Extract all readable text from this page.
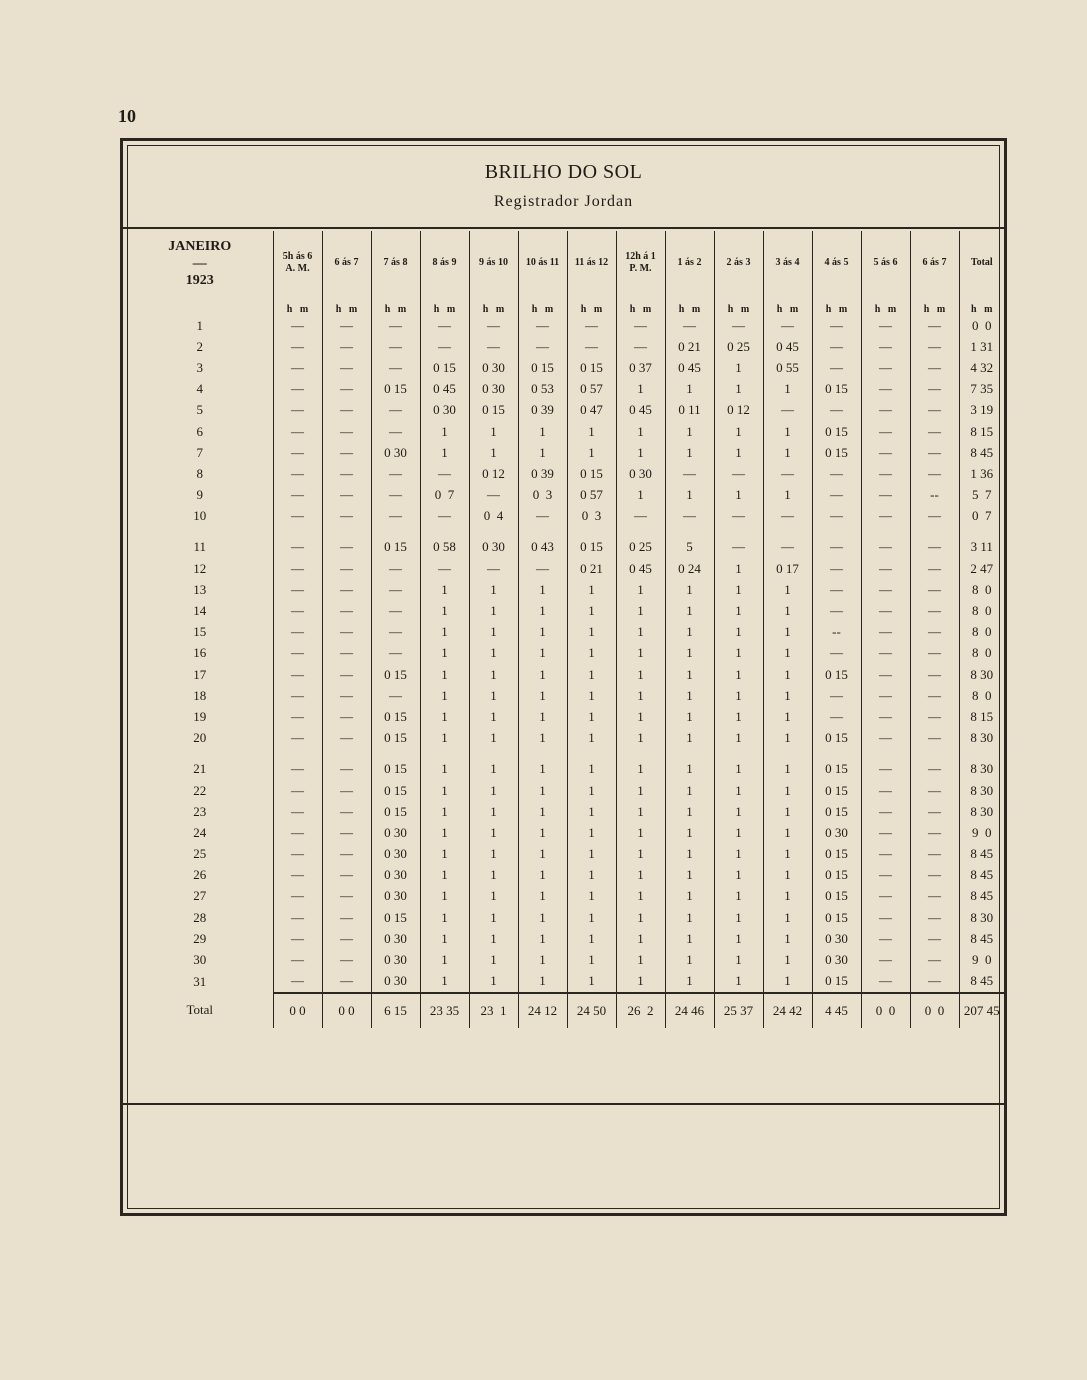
10
BRILHO DO SOL
Registrador Jordan
JANEIRO
—
1923	5h ás 6
A. M.	6 ás 7	7 ás 8	8 ás 9	9 ás 10	10 ás 11	11 ás 12	12h á 1
P. M.	1 ás 2	2 ás 3	3 ás 4	4 ás 5	5 ás 6	6 ás 7	Total
	h   m	h   m	h   m	h   m	h   m	h   m	h   m	h   m	h   m	h   m	h   m	h   m	h   m	h   m	h   m
1	—	—	—	—	—	—	—	—	—	—	—	—	—	—	0  0
2	—	—	—	—	—	—	—	—	0 21	0 25	0 45	—	—	—	1 31
3	—	—	—	0 15	0 30	0 15	0 15	0 37	0 45	1	0 55	—	—	—	4 32
4	—	—	0 15	0 45	0 30	0 53	0 57	1	1	1	1	0 15	—	—	7 35
5	—	—	—	0 30	0 15	0 39	0 47	0 45	0 11	0 12	—	—	—	—	3 19
6	—	—	—	1	1	1	1	1	1	1	1	0 15	—	—	8 15
7	—	—	0 30	1	1	1	1	1	1	1	1	0 15	—	—	8 45
8	—	—	—	—	0 12	0 39	0 15	0 30	—	—	—	—	—	—	1 36
9	—	—	—	0  7	—	0  3	0 57	1	1	1	1	—	—	--	5  7
10	—	—	—	—	0  4	—	0  3	—	—	—	—	—	—	—	0  7

11	—	—	0 15	0 58	0 30	0 43	0 15	0 25	5	—	—	—	—	—	3 11
12	—	—	—	—	—	—	0 21	0 45	0 24	1	0 17	—	—	—	2 47
13	—	—	—	1	1	1	1	1	1	1	1	—	—	—	8  0
14	—	—	—	1	1	1	1	1	1	1	1	—	—	—	8  0
15	—	—	—	1	1	1	1	1	1	1	1	--	—	—	8  0
16	—	—	—	1	1	1	1	1	1	1	1	—	—	—	8  0
17	—	—	0 15	1	1	1	1	1	1	1	1	0 15	—	—	8 30
18	—	—	—	1	1	1	1	1	1	1	1	—	—	—	8  0
19	—	—	0 15	1	1	1	1	1	1	1	1	—	—	—	8 15
20	—	—	0 15	1	1	1	1	1	1	1	1	0 15	—	—	8 30

21	—	—	0 15	1	1	1	1	1	1	1	1	0 15	—	—	8 30
22	—	—	0 15	1	1	1	1	1	1	1	1	0 15	—	—	8 30
23	—	—	0 15	1	1	1	1	1	1	1	1	0 15	—	—	8 30
24	—	—	0 30	1	1	1	1	1	1	1	1	0 30	—	—	9  0
25	—	—	0 30	1	1	1	1	1	1	1	1	0 15	—	—	8 45
26	—	—	0 30	1	1	1	1	1	1	1	1	0 15	—	—	8 45
27	—	—	0 30	1	1	1	1	1	1	1	1	0 15	—	—	8 45
28	—	—	0 15	1	1	1	1	1	1	1	1	0 15	—	—	8 30
29	—	—	0 30	1	1	1	1	1	1	1	1	0 30	—	—	8 45
30	—	—	0 30	1	1	1	1	1	1	1	1	0 30	—	—	9  0
31	—	—	0 30	1	1	1	1	1	1	1	1	0 15	—	—	8 45
Total	0 0	0 0	6 15	23 35	23  1	24 12	24 50	26  2	24 46	25 37	24 42	4 45	0  0	0  0	207 45
